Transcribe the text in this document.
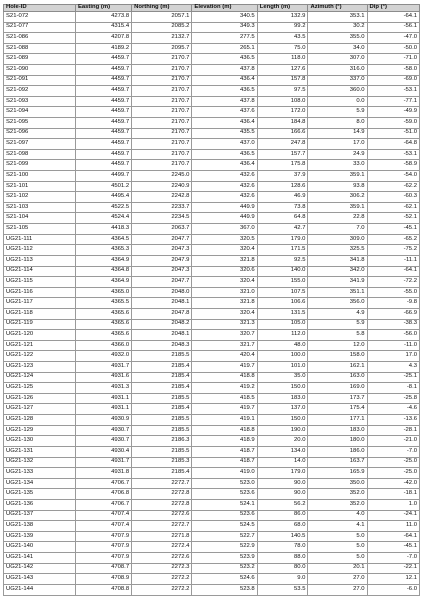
Hole-ID	Easting (m)	Northing (m)	Elevation (m)	Length (m)	Azimuth (°)	Dip (°)
S21-072	4273.8	2057.1	340.5	132.9	353.1	-64.1
S21-077	4315.4	2085.2	349.3	99.2	30.2	-56.1
S21-086	4207.8	2132.7	277.5	43.5	355.0	-47.0
S21-088	4189.2	2095.7	265.1	75.0	34.0	-50.0
S21-089	4459.7	2170.7	436.5	118.0	307.0	-71.0
S21-090	4459.7	2170.7	437.8	127.6	316.0	-58.0
S21-091	4459.7	2170.7	436.4	157.8	337.0	-69.0
S21-092	4459.7	2170.7	436.5	97.5	360.0	-53.1
S21-093	4459.7	2170.7	437.8	108.0	0.0	-77.1
S21-094	4459.7	2170.7	437.6	172.0	5.9	-49.9
S21-095	4459.7	2170.7	436.4	184.8	8.0	-59.0
S21-096	4459.7	2170.7	435.5	166.6	14.9	-51.0
S21-097	4459.7	2170.7	437.0	247.8	17.0	-64.8
S21-098	4459.7	2170.7	436.5	157.7	24.9	-53.1
S21-099	4459.7	2170.7	436.4	175.8	33.0	-58.9
S21-100	4499.7	2245.0	432.6	37.9	359.1	-54.0
S21-101	4501.2	2240.9	432.6	128.6	93.8	-62.2
S21-102	4495.4	2242.8	432.6	46.9	306.2	-60.3
S21-103	4522.5	2233.7	449.9	73.8	359.1	-62.1
S21-104	4524.4	2234.5	449.9	64.8	22.8	-52.1
S21-105	4418.3	2063.7	367.0	42.7	7.0	-45.1
UG21-111	4364.5	2047.7	320.5	179.0	309.0	-65.2
UG21-112	4365.3	2047.3	320.4	171.5	325.5	-75.2
UG21-113	4364.9	2047.9	321.8	92.5	341.8	-11.1
UG21-114	4364.8	2047.3	320.6	140.0	342.0	-64.1
UG21-115	4364.9	2047.7	320.4	155.0	341.9	-72.2
UG21-116	4365.0	2048.0	321.0	107.5	351.1	-55.0
UG21-117	4365.5	2048.1	321.8	106.6	356.0	-9.8
UG21-118	4365.6	2047.8	320.4	131.5	4.9	-66.9
UG21-119	4365.6	2048.2	321.3	105.0	5.9	-38.3
UG21-120	4365.6	2048.1	320.7	112.0	5.8	-56.0
UG21-121	4366.0	2048.3	321.7	48.0	12.0	-11.0
UG21-122	4932.0	2185.5	420.4	100.0	158.0	17.0
UG21-123	4931.7	2185.4	419.7	101.0	162.1	4.3
UG21-124	4931.6	2185.4	418.8	35.0	163.0	-25.1
UG21-125	4931.3	2185.4	419.2	150.0	169.0	-8.1
UG21-126	4931.1	2185.5	418.5	183.0	173.7	-25.8
UG21-127	4931.1	2185.4	419.7	137.0	175.4	-4.6
UG21-128	4930.9	2185.5	419.1	150.0	177.1	-13.6
UG21-129	4930.7	2185.5	418.8	190.0	183.0	-28.1
UG21-130	4930.7	2186.3	418.9	20.0	180.0	-21.0
UG21-131	4930.4	2185.5	418.7	134.0	186.0	-7.0
UG21-132	4931.7	2185.3	418.7	14.0	163.7	-25.0
UG21-133	4931.8	2185.4	419.0	179.0	165.9	-25.0
UG21-134	4706.7	2272.7	523.0	90.0	350.0	-42.0
UG21-135	4706.8	2272.8	523.6	90.0	352.0	-18.1
UG21-136	4706.7	2272.8	524.1	56.2	352.0	1.0
UG21-137	4707.4	2272.6	523.6	86.0	4.0	-24.1
UG21-138	4707.4	2272.7	524.5	68.0	4.1	11.0
UG21-139	4707.9	2271.8	522.7	140.5	5.0	-64.1
UG21-140	4707.9	2272.4	522.9	78.0	5.0	-45.1
UG21-141	4707.9	2272.6	523.9	88.0	5.0	-7.0
UG21-142	4708.7	2272.3	523.2	80.0	20.1	-22.1
UG21-143	4708.9	2272.2	524.6	9.0	27.0	12.1
UG21-144	4708.8	2272.2	523.8	53.5	27.0	-6.0
